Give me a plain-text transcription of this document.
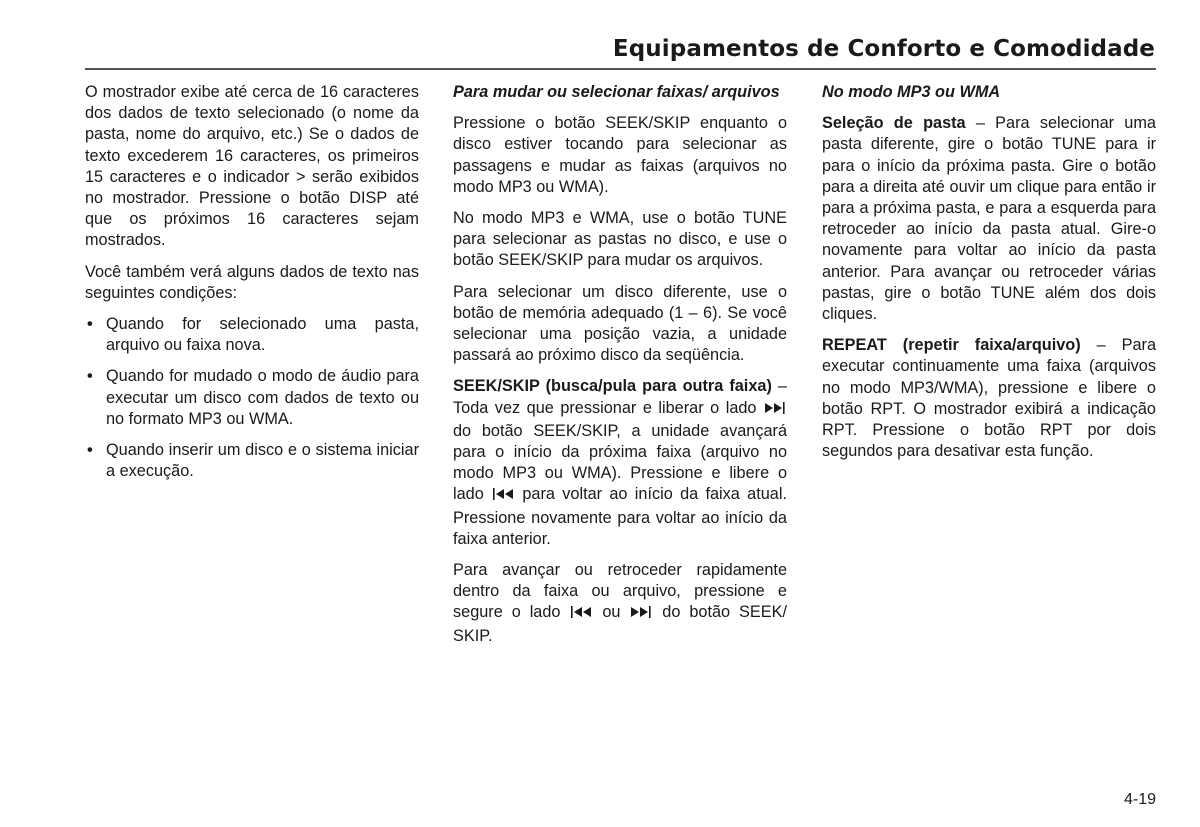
Equipamentos de Conforto e Comodidade

O mostrador exibe até cerca de 16 caracteres dos dados de texto selecionado (o nome da pasta, nome do arquivo, etc.) Se o dados de texto excederem 16 caracteres, os primeiros 15 caracteres e o indicador > serão exibidos no mostrador. Pressione o botão DISP até que os próximos 16 caracteres sejam mostrados.

Você também verá alguns dados de texto nas seguintes condições:

• Quando for selecionado uma pasta, arquivo ou faixa nova.
• Quando for mudado o modo de áudio para executar um disco com dados de texto ou no formato MP3 ou WMA.
• Quando inserir um disco e o sistema iniciar a execução.

Para mudar ou selecionar faixas/ arquivos

Pressione o botão SEEK/SKIP enquanto o disco estiver tocando para selecionar as passagens e mudar as faixas (arquivos no modo MP3 ou WMA).

No modo MP3 e WMA, use o botão TUNE para selecionar as pastas no disco, e use o botão SEEK/SKIP para mudar os arquivos.

Para selecionar um disco diferente, use o botão de memória adequado (1 – 6). Se você selecionar uma posição vazia, a unidade passará ao próximo disco da seqüência.

SEEK/SKIP (busca/pula para outra faixa) – Toda vez que pressionar e liberar o lado  do botão SEEK/SKIP, a unidade avançará para o início da próxima faixa (arquivo no modo MP3 ou WMA). Pressione e libere o lado  para voltar ao início da faixa atual. Pressione novamente para voltar ao início da faixa anterior.

Para avançar ou retroceder rapidamente dentro da faixa ou arquivo, pressione e segure o lado  ou  do botão SEEK/ SKIP.

No modo MP3 ou WMA

Seleção de pasta – Para selecionar uma pasta diferente, gire o botão TUNE para ir para o início da próxima pasta. Gire o botão para a direita até ouvir um clique para então ir para a próxima pasta, e para a esquerda para retroceder ao início da pasta atual. Gire-o novamente para voltar ao início da pasta anterior. Para avançar ou retroceder várias pastas, gire o botão TUNE além dos dois cliques.

REPEAT (repetir faixa/arquivo) – Para executar continuamente uma faixa (arquivos no modo MP3/WMA), pressione e libere o botão RPT. O mostrador exibirá a indicação RPT. Pressione o botão RPT por dois segundos para desativar esta função.

4-19
